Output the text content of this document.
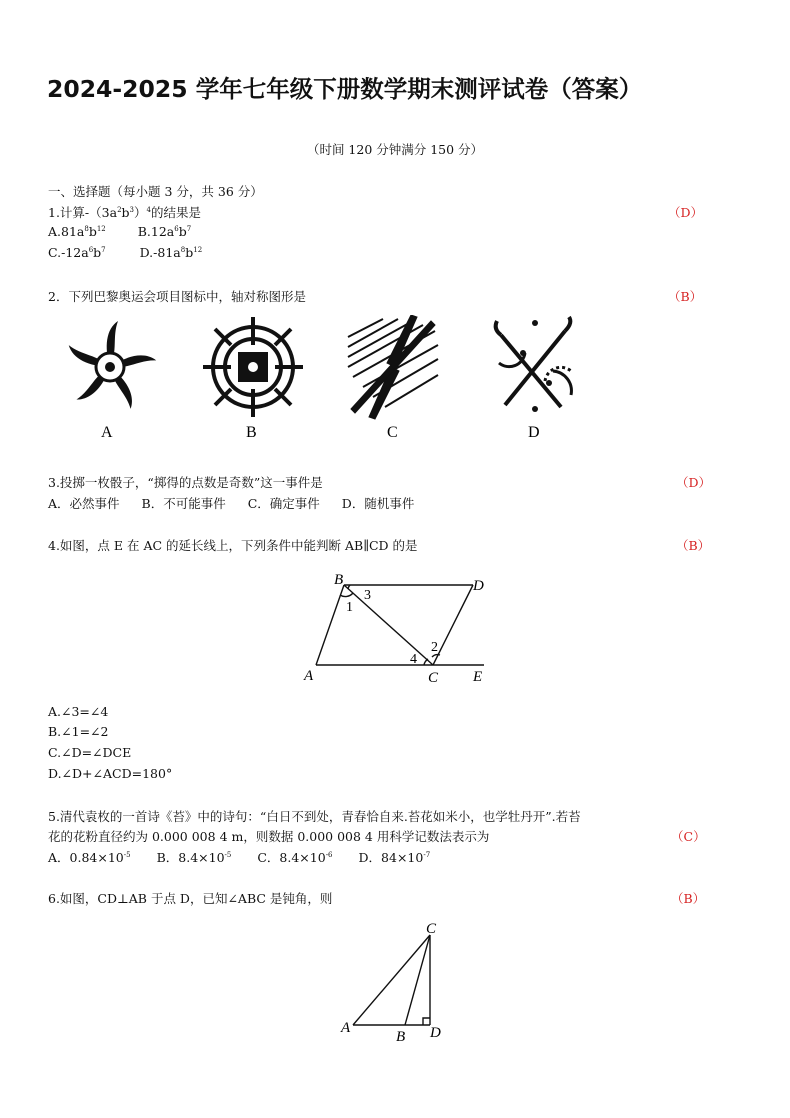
2024-2025 学年七年级下册数学期末测评试卷（答案）
（时间 120 分钟满分 150 分）
一、选择题（每小题 3 分，共 36 分）
1.计算$-(3a^2b^3)^4$的结果是	（D）
$A.81a^8b^{12}$	$B.12a^6b^7$
$C.-12a^6b^7$	$D.-81a^8b^{12}$
2．下列巴黎奥运会项目图标中，轴对称图形是	（B）
A	B	C	D
3.投掷一枚骰子，“掷得的点数是奇数”这一事件是	（D）
A．必然事件 B．不可能事件 C．确定事件 D．随机事件
4.如图，点 E 在 AC 的延长线上，下列条件中能判断 AB∥CD 的是	（B）
B	D
A	C E
1
3
2
4
A.∠3=∠4
B.∠1=∠2
C.∠D=∠DCE
D.∠D+∠ACD=180°
5.清代袁枚的一首诗《苔》中的诗句：“白日不到处，青春恰自来.苔花如米小，也学牡丹开”.若苔
花的花粉直径约为 0.000 008 4 m，则数据 0.000 008 4 用科学记数法表示为	（C）
A．$0.84\times 10^{-5}$ B．$8.4\times 10^{-5}$ C．$8.4\times 10^{-6}$ D．$84\times 10^{-7}$
6.如图，CD⊥AB 于点 D，已知∠ABC 是钝角，则	（B）
C
A
B D
